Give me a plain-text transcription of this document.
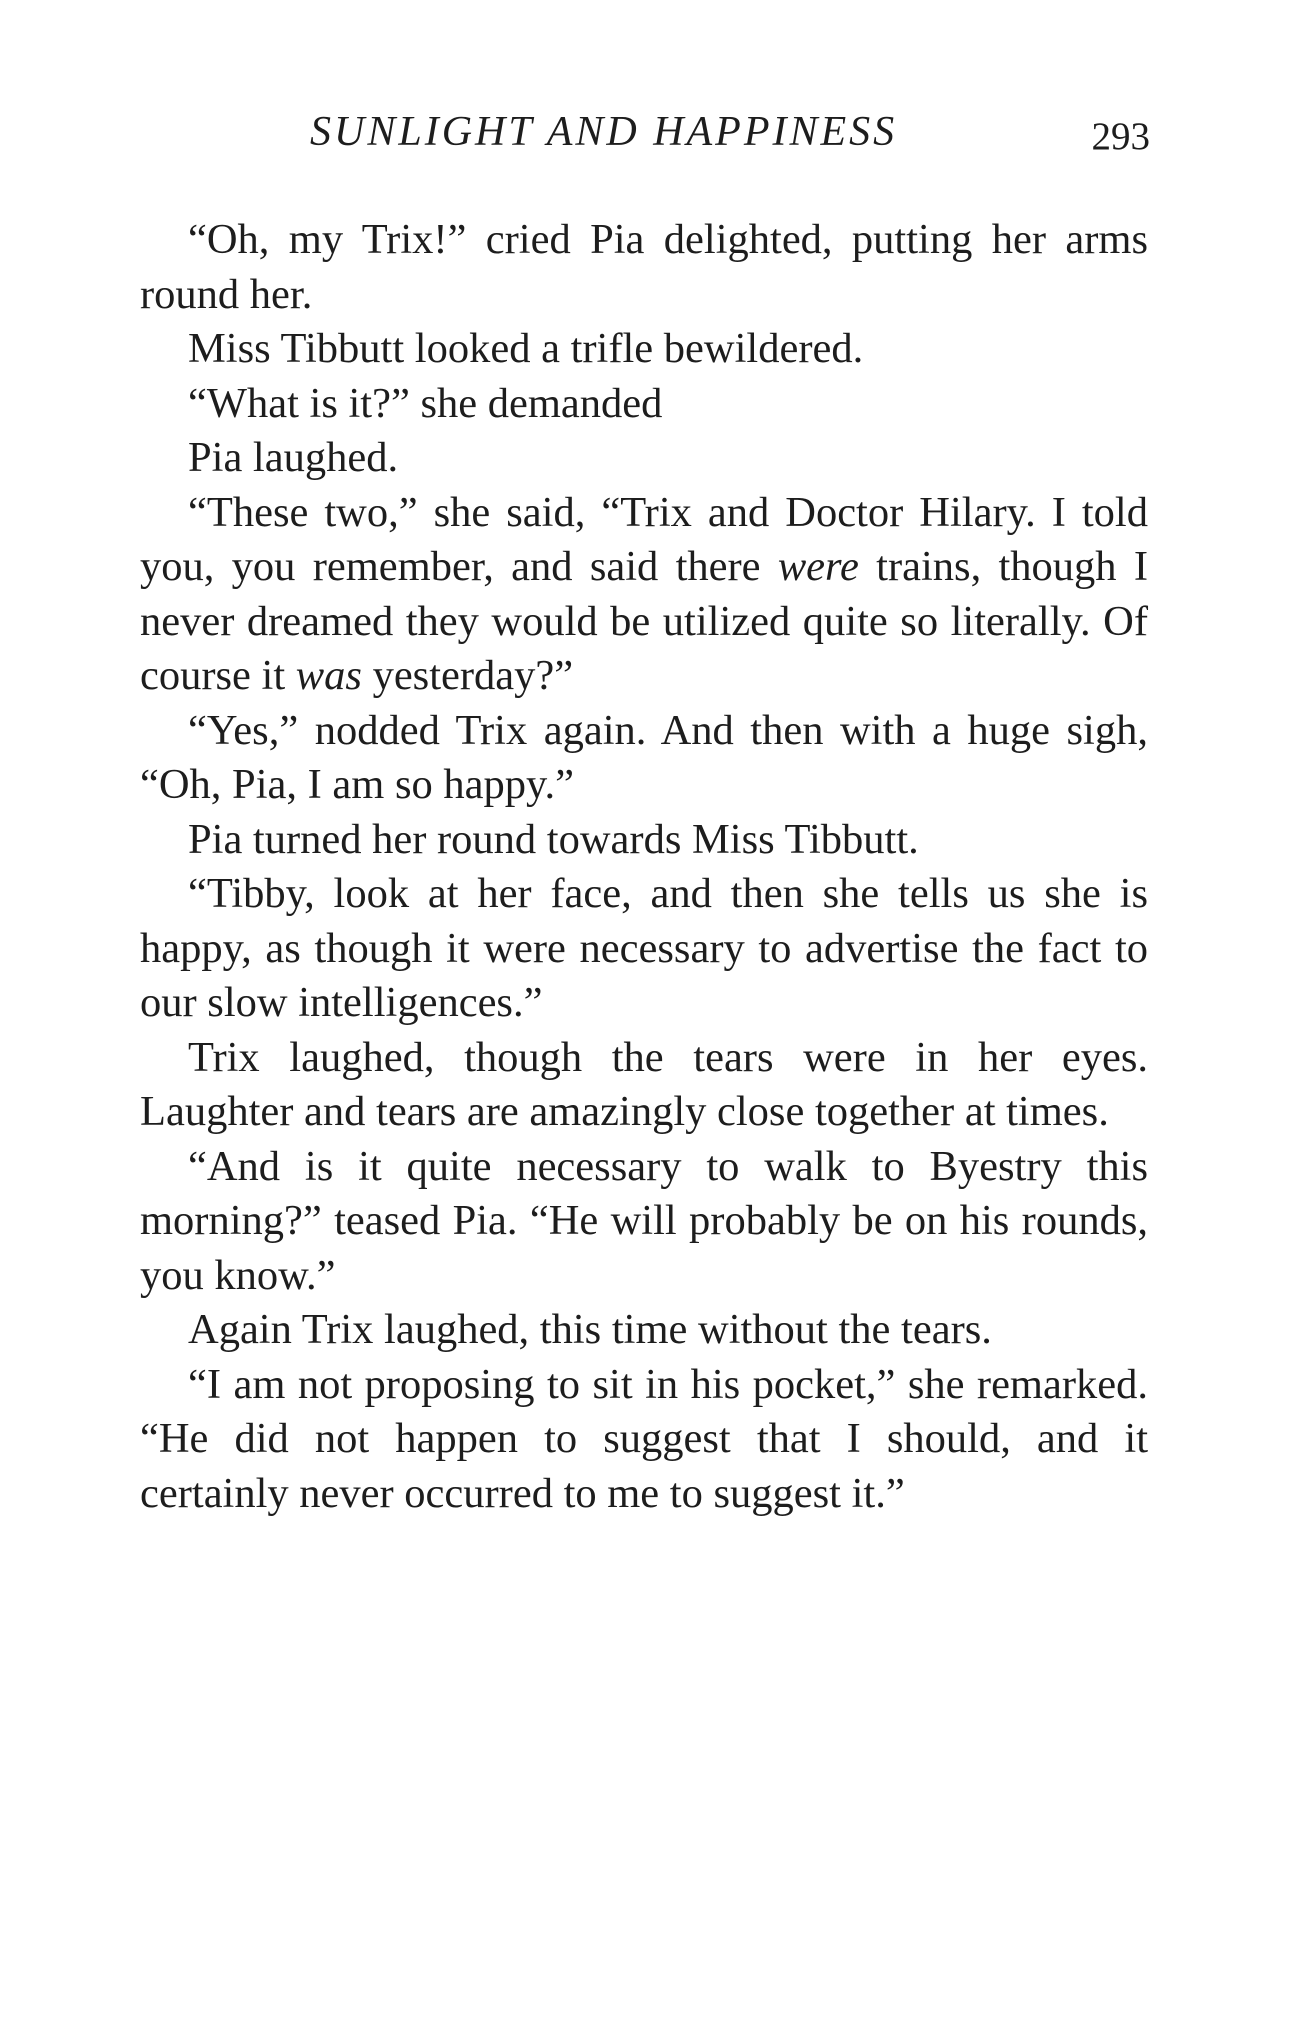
SUNLIGHT AND HAPPINESS	293

“Oh, my Trix!” cried Pia delighted, putting her arms round her.

Miss Tibbutt looked a trifle bewildered.

“What is it?” she demanded

Pia laughed.

“These two,” she said, “Trix and Doctor Hilary. I told you, you remember, and said there were trains, though I never dreamed they would be utilized quite so literally. Of course it was yesterday?”

“Yes,” nodded Trix again. And then with a huge sigh, “Oh, Pia, I am so happy.”

Pia turned her round towards Miss Tibbutt.

“Tibby, look at her face, and then she tells us she is happy, as though it were necessary to advertise the fact to our slow intelligences.”

Trix laughed, though the tears were in her eyes. Laughter and tears are amazingly close together at times.

“And is it quite necessary to walk to Byestry this morning?” teased Pia. “He will probably be on his rounds, you know.”

Again Trix laughed, this time without the tears.

“I am not proposing to sit in his pocket,” she remarked. “He did not happen to suggest that I should, and it certainly never occurred to me to suggest it.”
